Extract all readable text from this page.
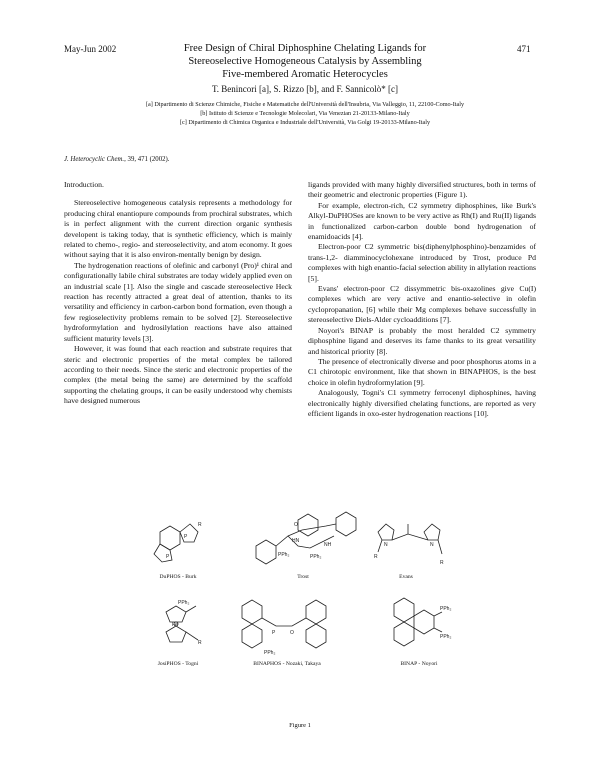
May-Jun 2002	471
Free Design of Chiral Diphosphine Chelating Ligands for
Stereoselective Homogeneous Catalysis by Assembling
Five-membered Aromatic Heterocycles
T. Benincori [a], S. Rizzo [b], and F. Sannicolò* [c]
[a] Dipartimento di Scienze Chimiche, Fisiche e Matematiche dell'Università dell'Insubria, Via Valleggio, 11, 22100-Como-Italy
[b] Istituto di Scienze e Tecnologie Molecolari, Via Venezian 21-20133-Milano-Italy
[c] Dipartimento di Chimica Organica e Industriale dell'Università, Via Golgi 19-20133-Milano-Italy
J. Heterocyclic Chem., 39, 471 (2002).
Introduction.

Stereoselective homogeneous catalysis represents a methodology for producing chiral enantiopure compounds from prochiral substrates, which is in perfect alignment with the current direction organic synthesis developent is taking today, that is synthetic efficiency, which is mainly related to chemo-, regio- and stereoselectivity, and atom economy. It goes without saying that it is also environ-mentally benign by design.

The hydrogenation reactions of olefinic and carbonyl (Pro)¹ chiral and configurationally labile chiral substrates are today widely applied even on an industrial scale [1]. Also the single and cascade stereoselective Heck reaction has recently attracted a great deal of attention, thanks to its versatility and efficiency in carbon-carbon bond formation, even though a few regioselectivity problems remain to be solved [2]. Stereoselective hydroformylation and hydrosilylation reactions have also attained sufficient maturity levels [3].

However, it was found that each reaction and substrate requires that steric and electronic properties of the metal complex be tailored according to their needs. Since the steric and electronic properties of the complex (the metal being the same) are determined by the scaffold supporting the chelating groups, it can be easily understood why chemists have designed numerous

ligands provided with many highly diversified structures, both in terms of their geometric and electronic properties (Figure 1).

For example, electron-rich, C2 symmetry diphosphines, like Burk's Alkyl-DuPHOSes are known to be very active as Rh(I) and Ru(II) ligands in functionalized carbon-carbon double bond hydrogenation of enamidoacids [4].

Electron-poor C2 symmetric bis(diphenylphosphino)-benzamides of trans-1,2- diamminocyclohexane introduced by Trost, produce Pd complexes with high enantio-facial selection ability in allylation reactions [5].

Evans' electron-poor C2 dissymmetric bis-oxazolines give Cu(I) complexes which are very active and enantio-selective in olefin cyclopropanation, [6] while their Mg complexes behave successfully in stereoselective Diels-Alder cycloadditions [7].

Noyori's BINAP is probably the most heralded C2 symmetry diphosphine ligand and deserves its fame thanks to its great versatility and historical priority [8].

The presence of electronically diverse and poor phosphorus atoms in a C1 chirotopic environment, like that shown in BINAPHOS, is the best choice in olefin hydroformylation [9].

Analogously, Togni's C1 symmetry ferrocenyl diphosphines, having electronically highly diversified chelating functions, are reported as very efficient ligands in oxo-ester hydrogenation reactions [10].

P
P
R
DuPHOS - Burk
PPh₂	PPh₂
HN
NH
O
Trost
N	N
R
R
Evans
PPh₂
Fe
R
JosiPHOS - Togni
P	O
PPh₂
BINAPHOS - Nozaki, Takaya
PPh₂
PPh₂
BINAP - Noyori
Figure 1
